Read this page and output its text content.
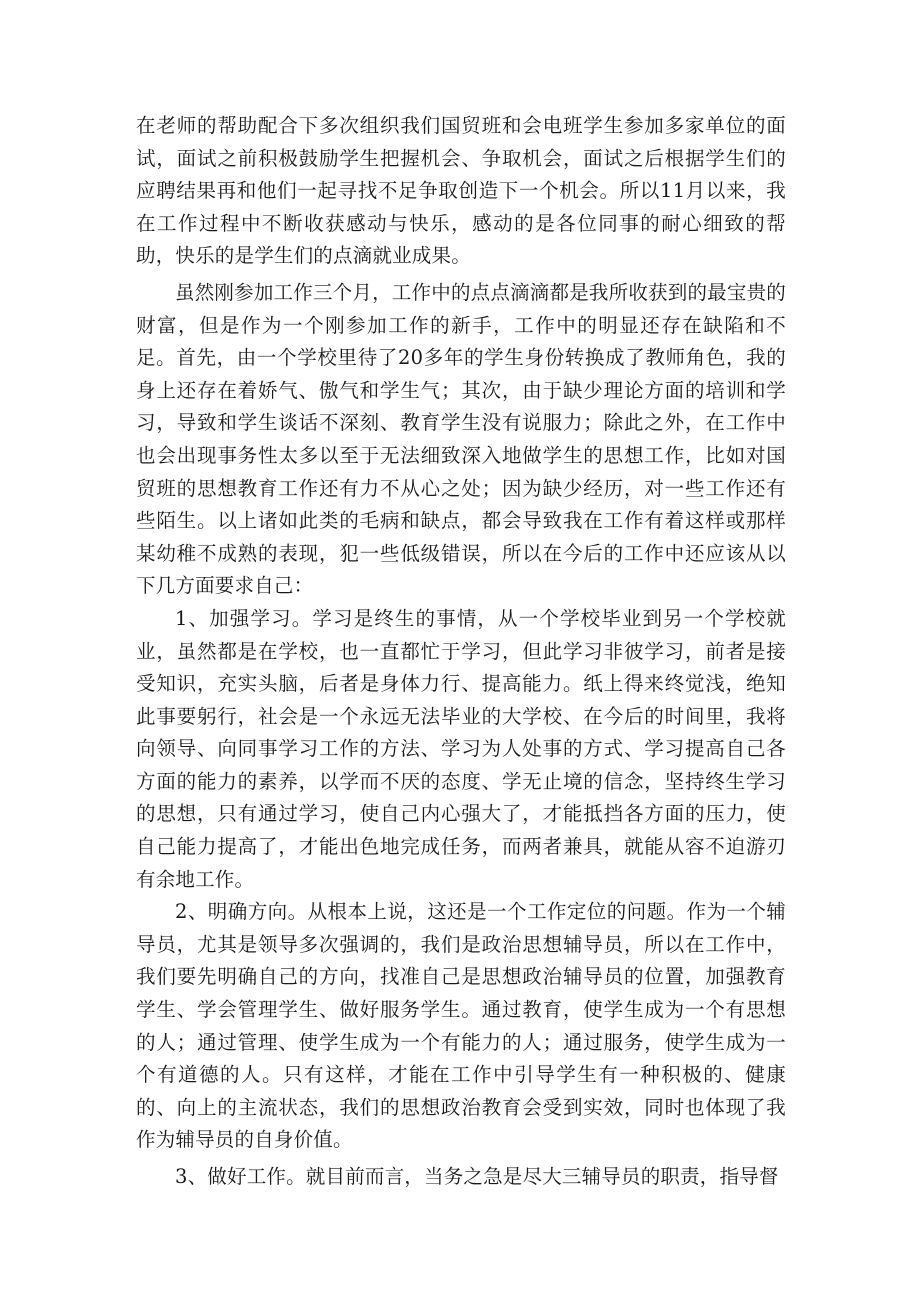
在老师的帮助配合下多次组织我们国贸班和会电班学生参加多家单位的面试，面试之前积极鼓励学生把握机会、争取机会，面试之后根据学生们的应聘结果再和他们一起寻找不足争取创造下一个机会。所以11月以来，我在工作过程中不断收获感动与快乐，感动的是各位同事的耐心细致的帮助，快乐的是学生们的点滴就业成果。

虽然刚参加工作三个月，工作中的点点滴滴都是我所收获到的最宝贵的财富，但是作为一个刚参加工作的新手，工作中的明显还存在缺陷和不足。首先，由一个学校里待了20多年的学生身份转换成了教师角色，我的身上还存在着娇气、傲气和学生气；其次，由于缺少理论方面的培训和学习，导致和学生谈话不深刻、教育学生没有说服力；除此之外，在工作中也会出现事务性太多以至于无法细致深入地做学生的思想工作，比如对国贸班的思想教育工作还有力不从心之处；因为缺少经历，对一些工作还有些陌生。以上诸如此类的毛病和缺点，都会导致我在工作有着这样或那样某幼稚不成熟的表现，犯一些低级错误，所以在今后的工作中还应该从以下几方面要求自己：

1、加强学习。学习是终生的事情，从一个学校毕业到另一个学校就业，虽然都是在学校，也一直都忙于学习，但此学习非彼学习，前者是接受知识，充实头脑，后者是身体力行、提高能力。纸上得来终觉浅，绝知此事要躬行，社会是一个永远无法毕业的大学校、在今后的时间里，我将向领导、向同事学习工作的方法、学习为人处事的方式、学习提高自己各方面的能力的素养，以学而不厌的态度、学无止境的信念，坚持终生学习的思想，只有通过学习，使自己内心强大了，才能抵挡各方面的压力，使自己能力提高了，才能出色地完成任务，而两者兼具，就能从容不迫游刃有余地工作。

2、明确方向。从根本上说，这还是一个工作定位的问题。作为一个辅导员，尤其是领导多次强调的，我们是政治思想辅导员，所以在工作中，我们要先明确自己的方向，找准自己是思想政治辅导员的位置，加强教育学生、学会管理学生、做好服务学生。通过教育，使学生成为一个有思想的人；通过管理、使学生成为一个有能力的人；通过服务，使学生成为一个有道德的人。只有这样，才能在工作中引导学生有一种积极的、健康的、向上的主流状态，我们的思想政治教育会受到实效，同时也体现了我作为辅导员的自身价值。

3、做好工作。就目前而言，当务之急是尽大三辅导员的职责，指导督
